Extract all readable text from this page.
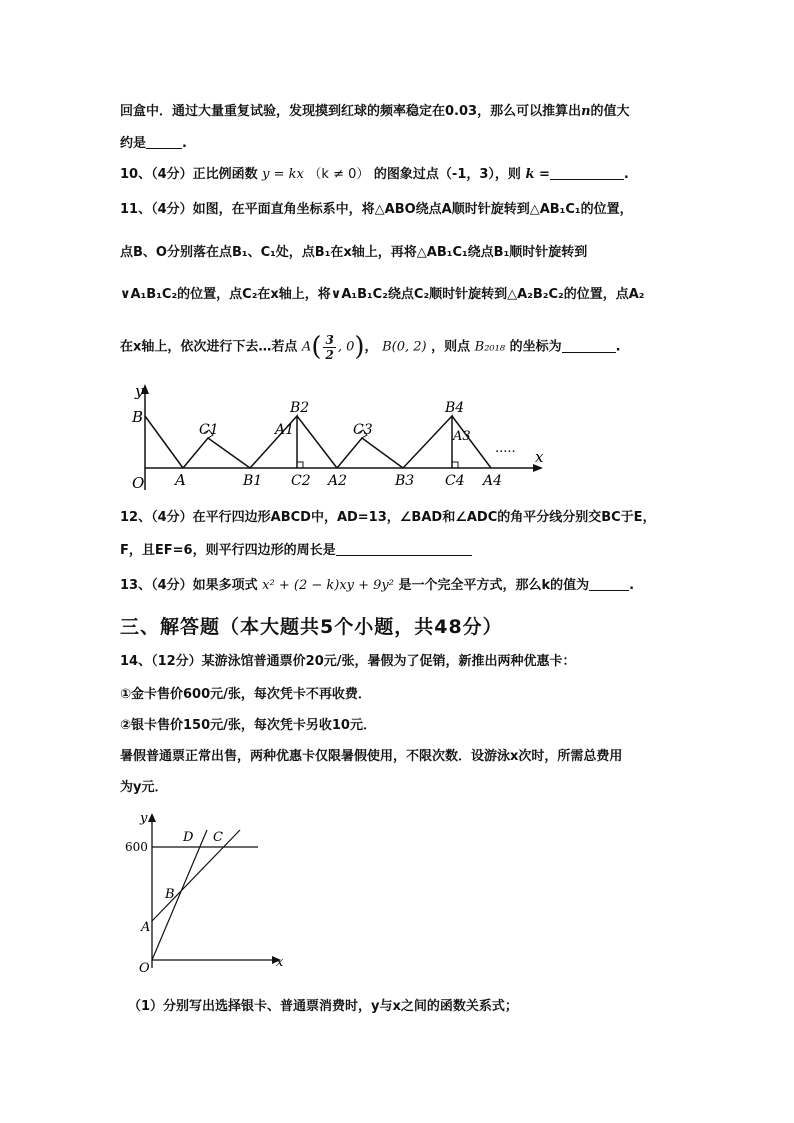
回盒中．通过大量重复试验，发现摸到红球的频率稳定在0.03，那么可以推算出n的值大
约是	.
10、（4分）正比例函数 y = kx （k ≠ 0） 的图象过点（-1，3），则 k =	.
11、（4分）如图，在平面直角坐标系中，将△ABO绕点A顺时针旋转到△AB₁C₁的位置，
点B、O分别落在点B₁、C₁处，点B₁在x轴上，再将△AB₁C₁绕点B₁顺时针旋转到
∨A₁B₁C₂的位置，点C₂在x轴上，将∨A₁B₁C₂绕点C₂顺时针旋转到△A₂B₂C₂的位置，点A₂
在x轴上，依次进行下去…若点 $A( \frac{3}{2}$ , 0)， B(0, 2) ，则点 B₂₀₁₈ 的坐标为	.
y
B
O A
C1
B1
B2
A1
C2 A2
C3
B3
B4
A3
C4 A4
x
.....
12、（4分）在平行四边形ABCD中，AD=13，∠BAD和∠ADC的角平分线分别交BC于E，
F，且EF=6，则平行四边形的周长是
13、（4分）如果多项式 x² + (2 − k)xy + 9y² 是一个完全平方式，那么k的值为	.
三、解答题（本大题共5个小题，共48分）
14、（12分）某游泳馆普通票价20元/张，暑假为了促销，新推出两种优惠卡：
①金卡售价600元/张，每次凭卡不再收费．
②银卡售价150元/张，每次凭卡另收10元．
暑假普通票正常出售，两种优惠卡仅限暑假使用，不限次数．设游泳x次时，所需总费用
为y元．
y
D C
600
B
A
O	x
（1）分别写出选择银卡、普通票消费时，y与x之间的函数关系式；
